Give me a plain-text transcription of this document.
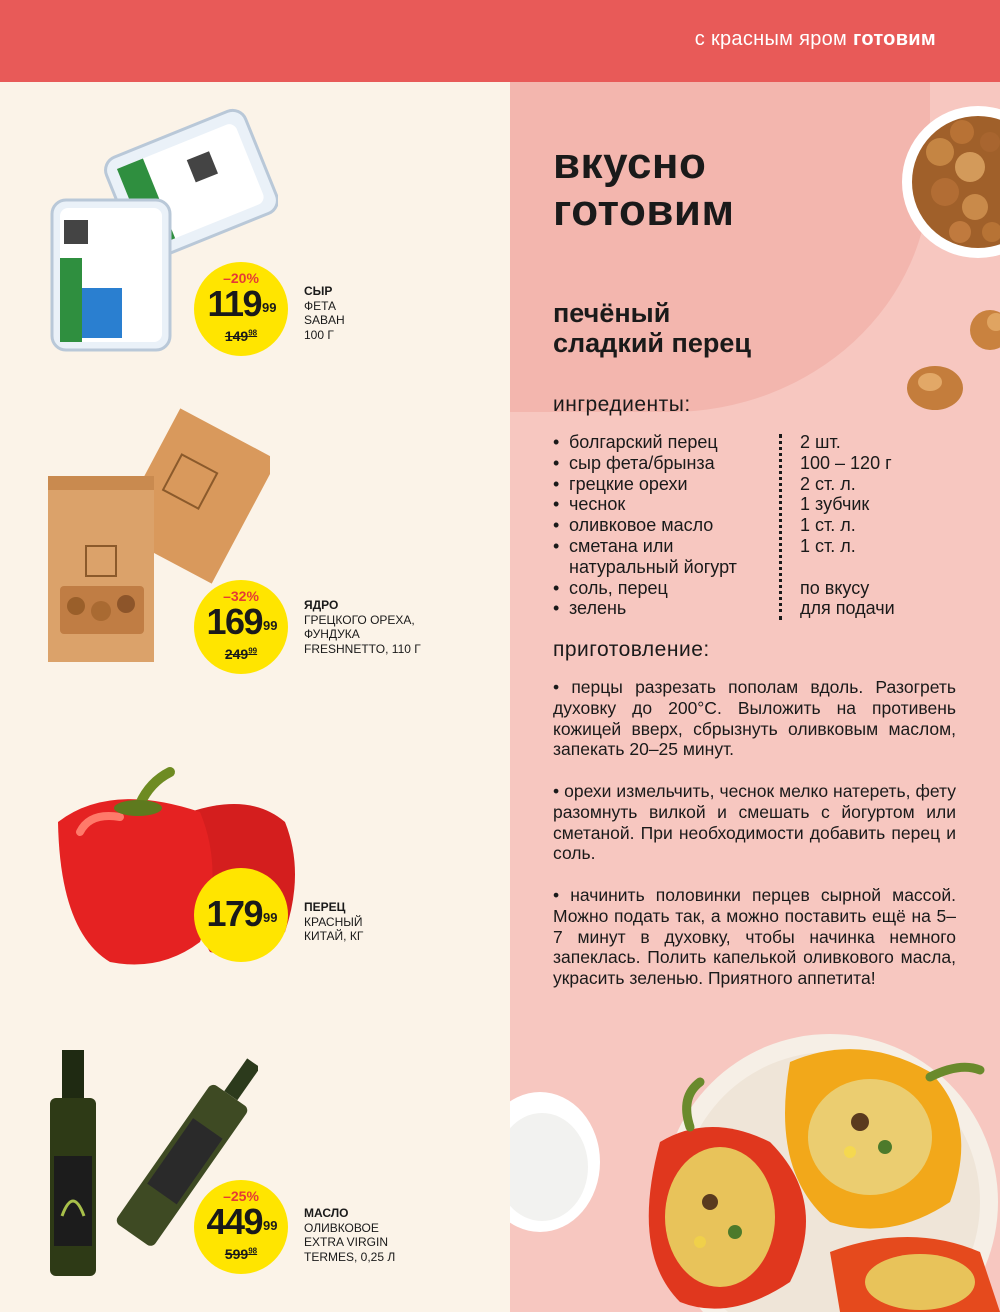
с красным яром готовим
–20%
$119^{99}$
$149^{98}$
СЫР
ФЕТА
SABAH
100 Г
–32%
$169^{99}$
$249^{99}$
ЯДРО
ГРЕЦКОГО ОРЕХА,
ФУНДУКА
FRESHNETTO, 110 Г
$179^{99}$
ПЕРЕЦ
КРАСНЫЙ
КИТАЙ, КГ
–25%
$449^{99}$
$599^{98}$
МАСЛО
ОЛИВКОВОЕ
EXTRA VIRGIN
TERMES, 0,25 Л
вкусно
готовим
печёный
сладкий перец
ингредиенты:
• болгарский перец	2 шт.
• сыр фета/брынза	100 – 120 г
• грецкие орехи	2 ст. л.
• чеснок	1 зубчик
• оливковое масло	1 ст. л.
• сметана или	1 ст. л.
натуральный йогурт
• соль, перец	по вкусу
• зелень	для подачи
приготовление:

• перцы разрезать пополам вдоль. Разогреть духовку до 200°С. Выложить на противень кожицей вверх, сбрызнуть оливковым маслом, запекать 20–25 минут.

• орехи измельчить, чеснок мелко натереть, фету разомнуть вилкой и смешать с йогуртом или сметаной. При необходимости добавить перец и соль.

• начинить половинки перцев сырной массой. Можно подать так, а можно поставить ещё на 5–7 минут в духовку, чтобы начинка немного запеклась. Полить капелькой оливкового масла, украсить зеленью. Приятного аппетита!
